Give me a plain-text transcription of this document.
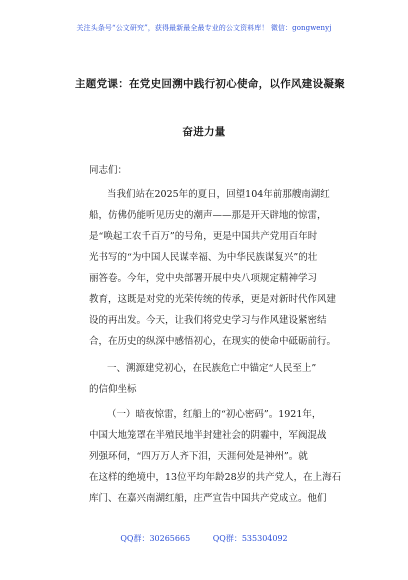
关注头条号“公文研究”，获得最新最全最专业的公文资料库！ 微信：gongwenyj
主题党课：在党史回溯中践行初心使命，以作风建设凝聚
奋进力量
同志们：
当我们站在2025年的夏日，回望104年前那艘南湖红
船，仿佛仍能听见历史的潮声——那是开天辟地的惊雷，
是“唤起工农千百万”的号角，更是中国共产党用百年时
光书写的“为中国人民谋幸福、为中华民族谋复兴”的壮
丽答卷。今年，党中央部署开展中央八项规定精神学习
教育，这既是对党的光荣传统的传承，更是对新时代作风建
设的再出发。今天，让我们将党史学习与作风建设紧密结
合，在历史的纵深中感悟初心，在现实的使命中砥砺前行。
一、溯源建党初心，在民族危亡中锚定“人民至上”
的信仰坐标
（一）暗夜惊雷，红船上的“初心密码”。1921年，
中国大地笼罩在半殖民地半封建社会的阴霾中，军阀混战
列强环伺，“四万万人齐下泪，天涯何处是神州”。就
在这样的绝境中，13位平均年龄28岁的共产党人，在上海石
库门、在嘉兴南湖红船，庄严宣告中国共产党成立。他们
QQ群：30265665	QQ群：535304092
